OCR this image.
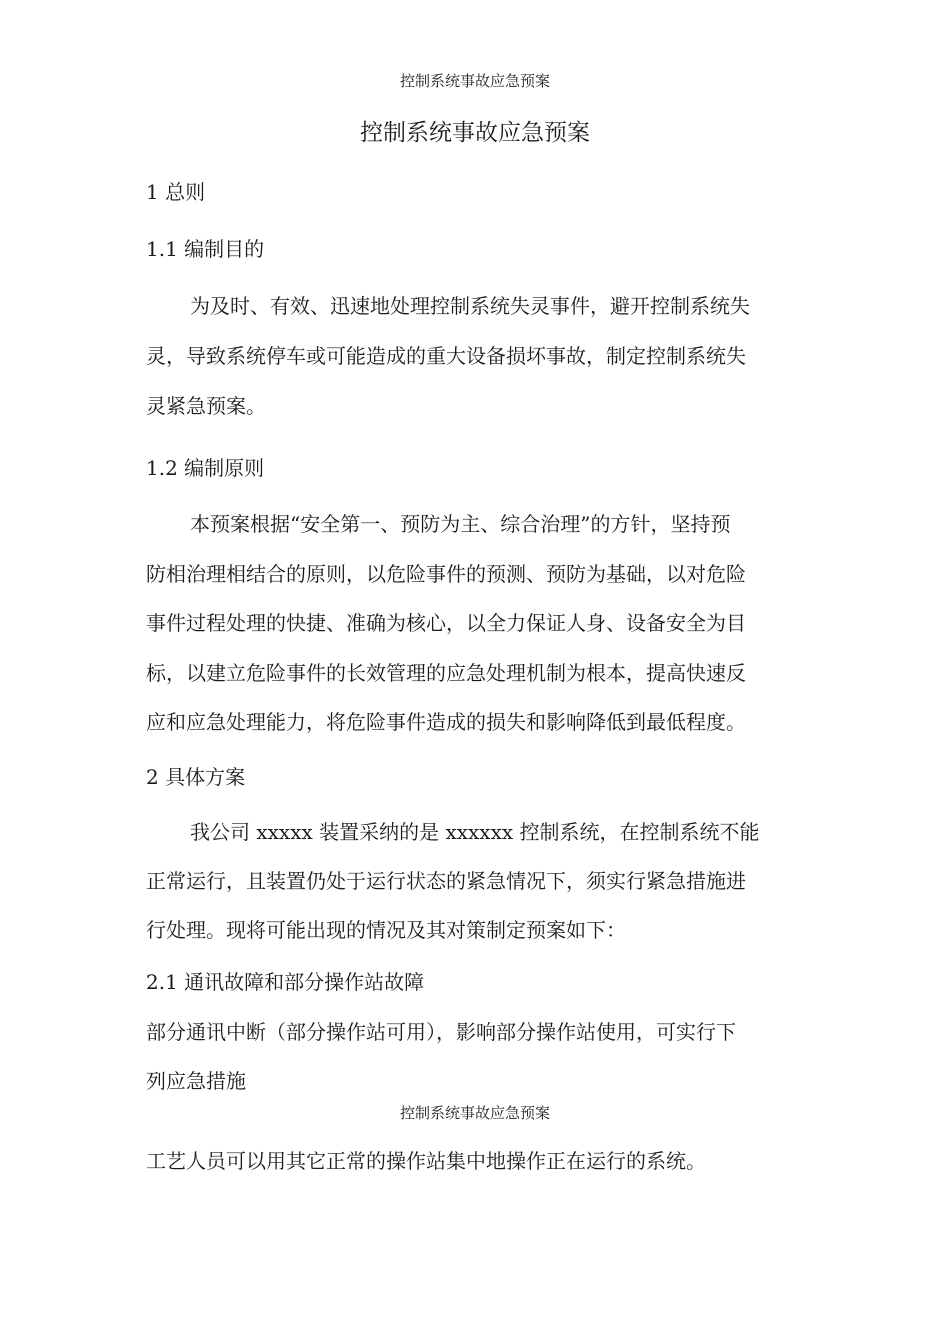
控制系统事故应急预案
控制系统事故应急预案
1 总则
1.1 编制目的
为及时、有效、迅速地处理控制系统失灵事件，避开控制系统失
灵，导致系统停车或可能造成的重大设备损坏事故，制定控制系统失
灵紧急预案。
1.2 编制原则
本预案根据“安全第一、预防为主、综合治理”的方针，坚持预
防相治理相结合的原则，以危险事件的预测、预防为基础，以对危险
事件过程处理的快捷、准确为核心，以全力保证人身、设备安全为目
标，以建立危险事件的长效管理的应急处理机制为根本，提高快速反
应和应急处理能力，将危险事件造成的损失和影响降低到最低程度。
2 具体方案
我公司 xxxxx 装置采纳的是 xxxxxx 控制系统，在控制系统不能
正常运行，且装置仍处于运行状态的紧急情况下，须实行紧急措施进
行处理。现将可能出现的情况及其对策制定预案如下：
2.1 通讯故障和部分操作站故障
部分通讯中断（部分操作站可用），影响部分操作站使用，可实行下
列应急措施
控制系统事故应急预案
工艺人员可以用其它正常的操作站集中地操作正在运行的系统。
